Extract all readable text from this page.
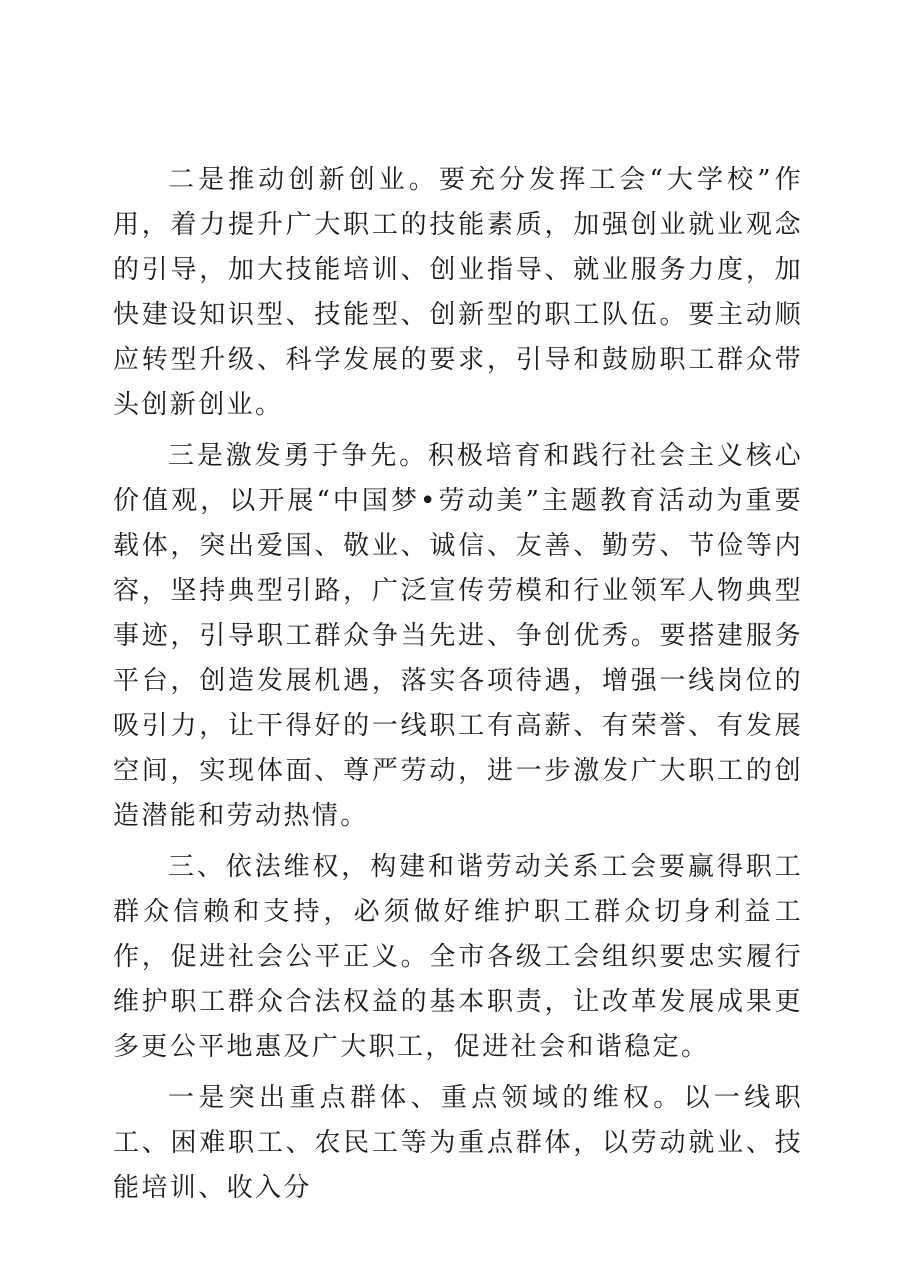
二是推动创新创业。要充分发挥工会“大学校”作用，着力提升广大职工的技能素质，加强创业就业观念的引导，加大技能培训、创业指导、就业服务力度，加快建设知识型、技能型、创新型的职工队伍。要主动顺应转型升级、科学发展的要求，引导和鼓励职工群众带头创新创业。

三是激发勇于争先。积极培育和践行社会主义核心价值观，以开展“中国梦•劳动美”主题教育活动为重要载体，突出爱国、敬业、诚信、友善、勤劳、节俭等内容，坚持典型引路，广泛宣传劳模和行业领军人物典型事迹，引导职工群众争当先进、争创优秀。要搭建服务平台，创造发展机遇，落实各项待遇，增强一线岗位的吸引力，让干得好的一线职工有高薪、有荣誉、有发展空间，实现体面、尊严劳动，进一步激发广大职工的创造潜能和劳动热情。

三、依法维权，构建和谐劳动关系工会要赢得职工群众信赖和支持，必须做好维护职工群众切身利益工作，促进社会公平正义。全市各级工会组织要忠实履行维护职工群众合法权益的基本职责，让改革发展成果更多更公平地惠及广大职工，促进社会和谐稳定。

一是突出重点群体、重点领域的维权。以一线职工、困难职工、农民工等为重点群体，以劳动就业、技能培训、收入分
